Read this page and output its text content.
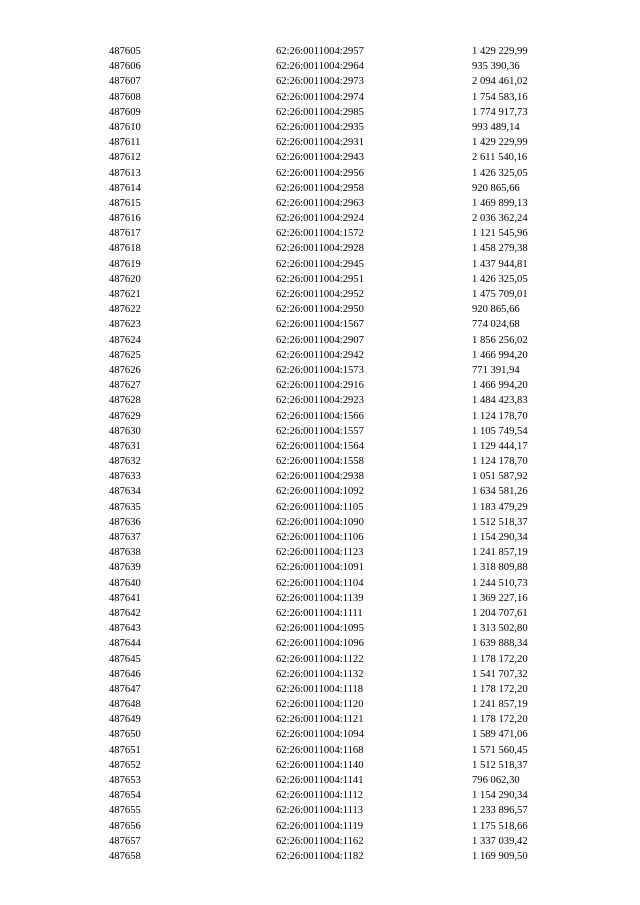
487605	62:26:0011004:2957	1 429 229,99
487606	62:26:0011004:2964	935 390,36
487607	62:26:0011004:2973	2 094 461,02
487608	62:26:0011004:2974	1 754 583,16
487609	62:26:0011004:2985	1 774 917,73
487610	62:26:0011004:2935	993 489,14
487611	62:26:0011004:2931	1 429 229,99
487612	62:26:0011004:2943	2 611 540,16
487613	62:26:0011004:2956	1 426 325,05
487614	62:26:0011004:2958	920 865,66
487615	62:26:0011004:2963	1 469 899,13
487616	62:26:0011004:2924	2 036 362,24
487617	62:26:0011004:1572	1 121 545,96
487618	62:26:0011004:2928	1 458 279,38
487619	62:26:0011004:2945	1 437 944,81
487620	62:26:0011004:2951	1 426 325,05
487621	62:26:0011004:2952	1 475 709,01
487622	62:26:0011004:2950	920 865,66
487623	62:26:0011004:1567	774 024,68
487624	62:26:0011004:2907	1 856 256,02
487625	62:26:0011004:2942	1 466 994,20
487626	62:26:0011004:1573	771 391,94
487627	62:26:0011004:2916	1 466 994,20
487628	62:26:0011004:2923	1 484 423,83
487629	62:26:0011004:1566	1 124 178,70
487630	62:26:0011004:1557	1 105 749,54
487631	62:26:0011004:1564	1 129 444,17
487632	62:26:0011004:1558	1 124 178,70
487633	62:26:0011004:2938	1 051 587,92
487634	62:26:0011004:1092	1 634 581,26
487635	62:26:0011004:1105	1 183 479,29
487636	62:26:0011004:1090	1 512 518,37
487637	62:26:0011004:1106	1 154 290,34
487638	62:26:0011004:1123	1 241 857,19
487639	62:26:0011004:1091	1 318 809,88
487640	62:26:0011004:1104	1 244 510,73
487641	62:26:0011004:1139	1 369 227,16
487642	62:26:0011004:1111	1 204 707,61
487643	62:26:0011004:1095	1 313 502,80
487644	62:26:0011004:1096	1 639 888,34
487645	62:26:0011004:1122	1 178 172,20
487646	62:26:0011004:1132	1 541 707,32
487647	62:26:0011004:1118	1 178 172,20
487648	62:26:0011004:1120	1 241 857,19
487649	62:26:0011004:1121	1 178 172,20
487650	62:26:0011004:1094	1 589 471,06
487651	62:26:0011004:1168	1 571 560,45
487652	62:26:0011004:1140	1 512 518,37
487653	62:26:0011004:1141	796 062,30
487654	62:26:0011004:1112	1 154 290,34
487655	62:26:0011004:1113	1 233 896,57
487656	62:26:0011004:1119	1 175 518,66
487657	62:26:0011004:1162	1 337 039,42
487658	62:26:0011004:1182	1 169 909,50
